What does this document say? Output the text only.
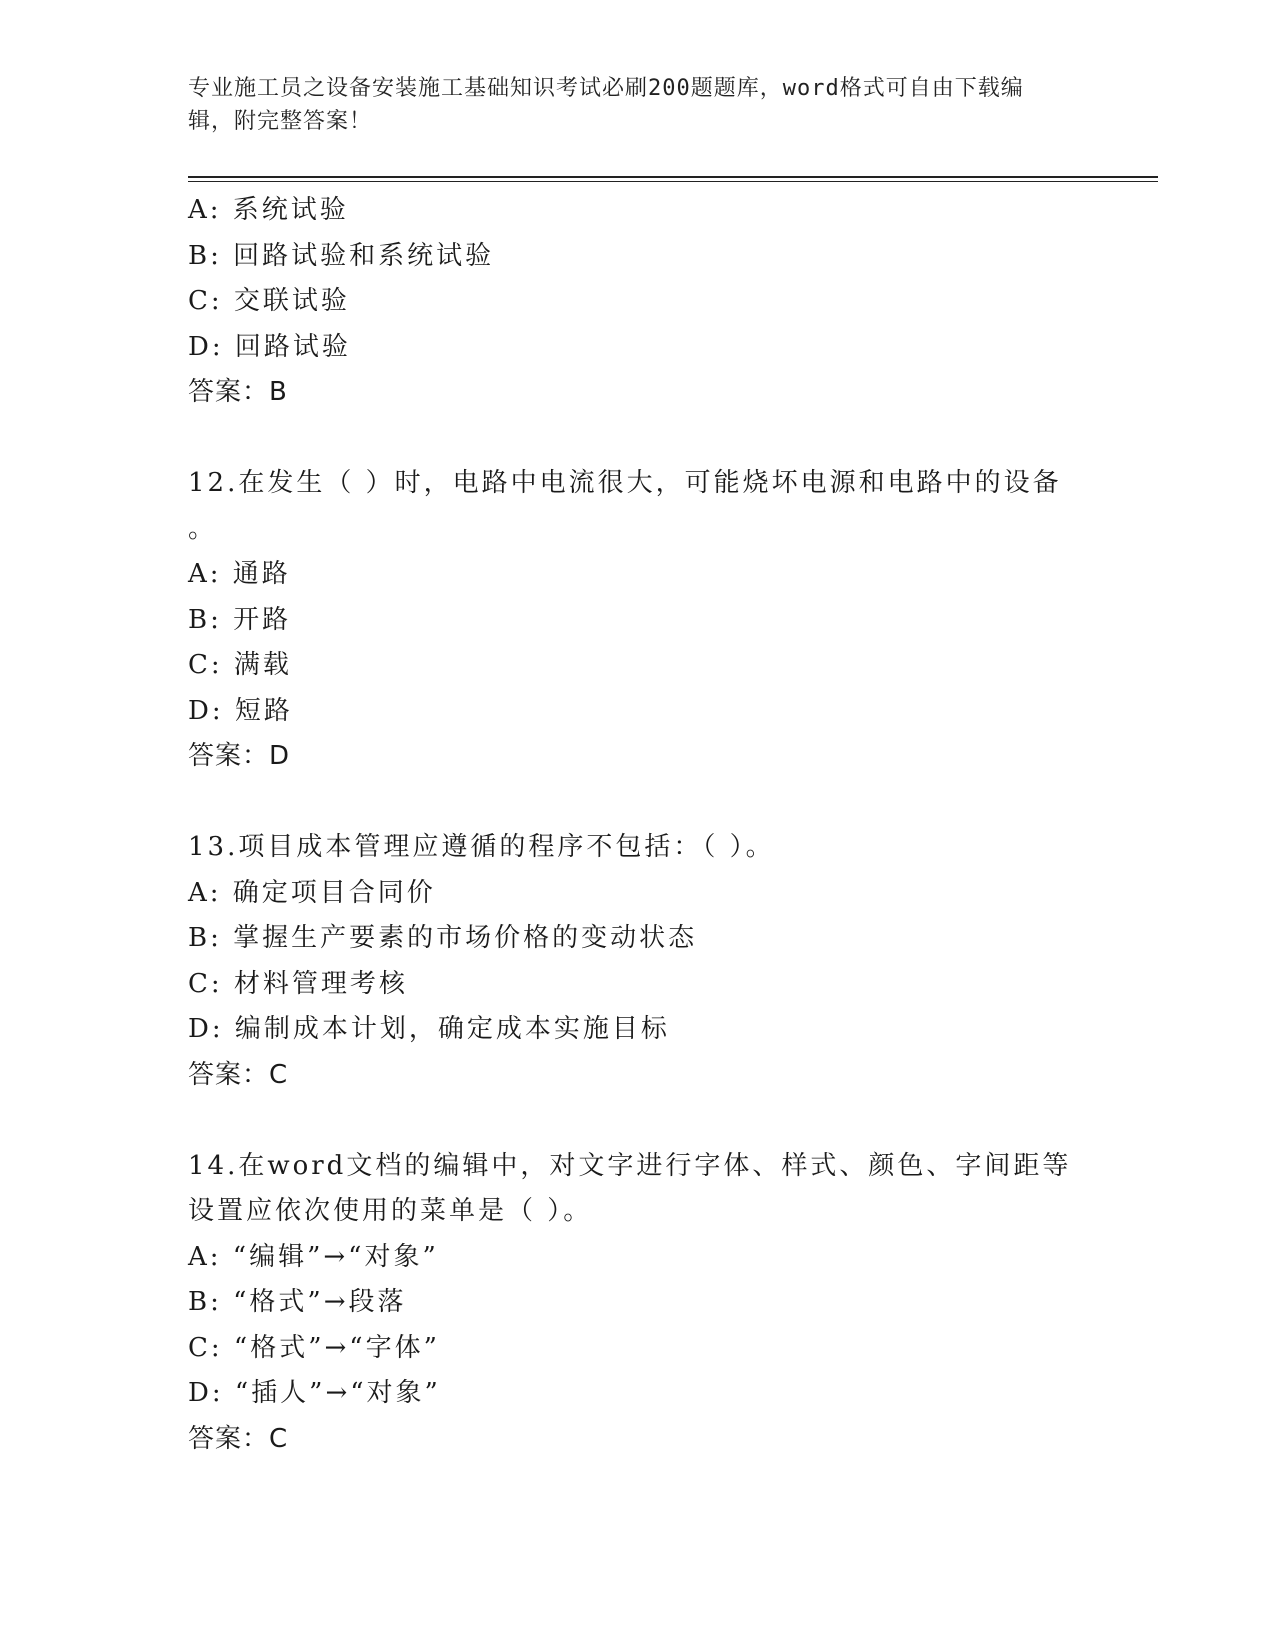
专业施工员之设备安装施工基础知识考试必刷200题题库，word格式可自由下载编辑，附完整答案！
A: 系统试验
B: 回路试验和系统试验
C: 交联试验
D: 回路试验
答案：B
12.在发生（ ）时，电路中电流很大，可能烧坏电源和电路中的设备
。
A: 通路
B: 开路
C: 满载
D: 短路
答案：D
13.项目成本管理应遵循的程序不包括：（ ）。
A: 确定项目合同价
B: 掌握生产要素的市场价格的变动状态
C: 材料管理考核
D: 编制成本计划，确定成本实施目标
答案：C
14.在word文档的编辑中，对文字进行字体、样式、颜色、字间距等
设置应依次使用的菜单是（ ）。
A: “编辑”→“对象”
B: “格式”→段落
C: “格式”→“字体”
D: “插人”→“对象”
答案：C
